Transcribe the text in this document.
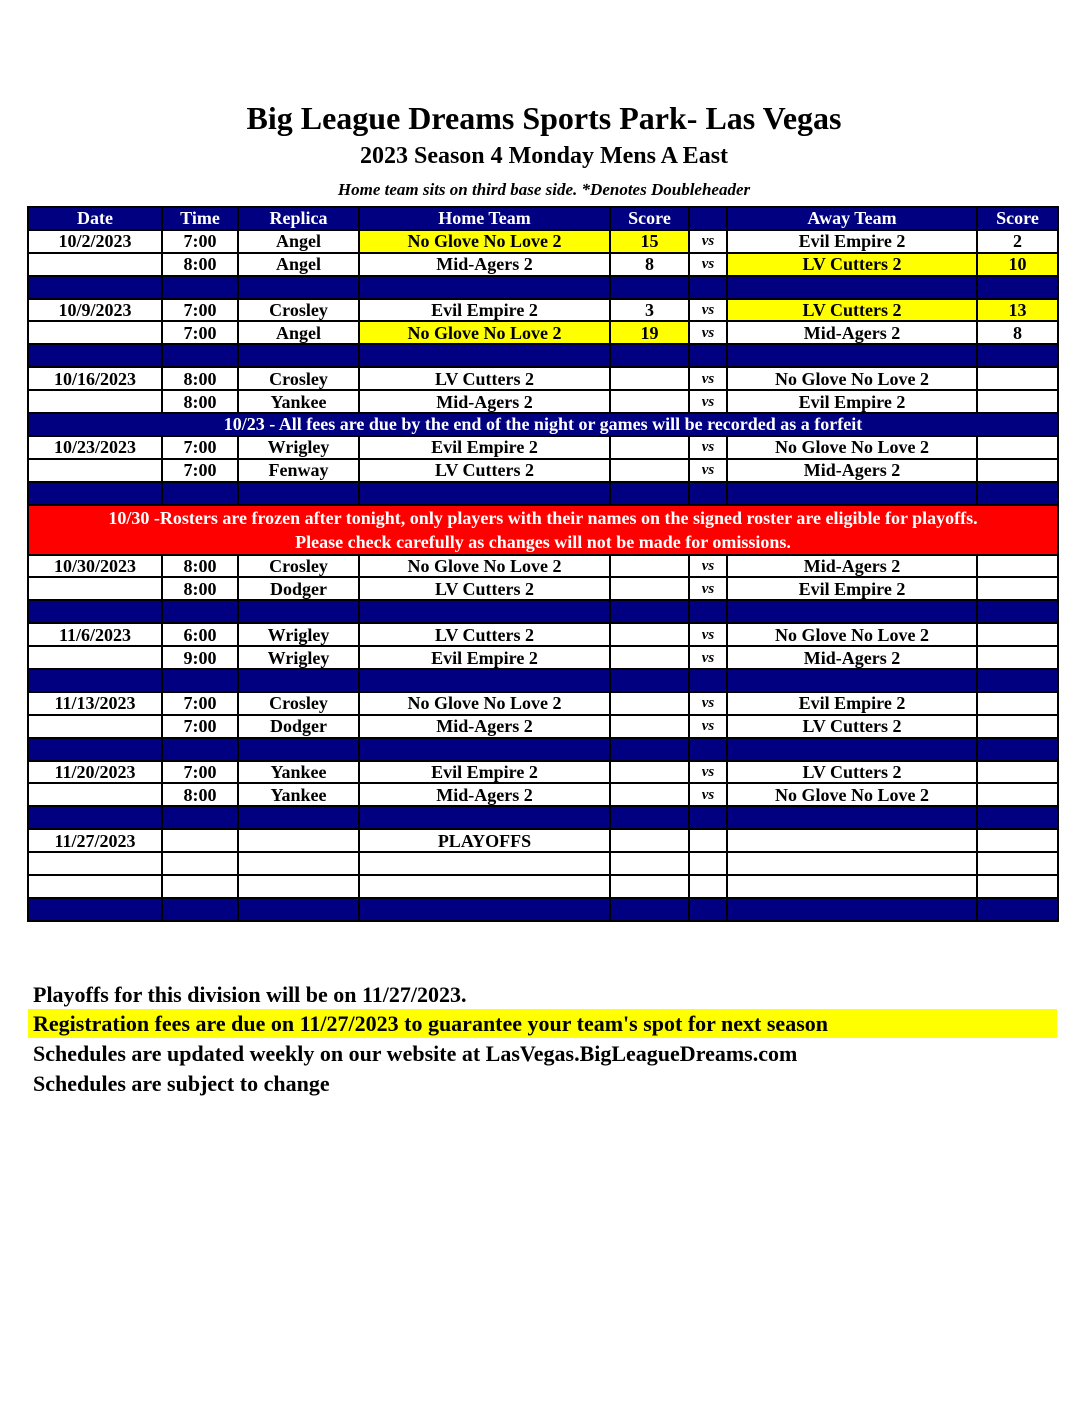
Big League Dreams Sports Park- Las Vegas
2023 Season 4 Monday Mens A East
Home team sits on third base side. *Denotes Doubleheader
Date	Time	Replica	Home Team	Score		Away Team	Score
10/2/2023	7:00	Angel	No Glove No Love 2	15	vs	Evil Empire 2	2
	8:00	Angel	Mid-Agers 2	8	vs	LV Cutters 2	10

10/9/2023	7:00	Crosley	Evil Empire 2	3	vs	LV Cutters 2	13
	7:00	Angel	No Glove No Love 2	19	vs	Mid-Agers 2	8

10/16/2023	8:00	Crosley	LV Cutters 2		vs	No Glove No Love 2	
	8:00	Yankee	Mid-Agers 2		vs	Evil Empire 2	
10/23 - All fees are due by the end of the night or games will be recorded as a forfeit							
10/23/2023	7:00	Wrigley	Evil Empire 2		vs	No Glove No Love 2	
	7:00	Fenway	LV Cutters 2		vs	Mid-Agers 2	

10/30 -Rosters are frozen after tonight, only players with their names on the signed roster are eligible for playoffs.
Please check carefully as changes will not be made for omissions.							

10/30/2023	8:00	Crosley	No Glove No Love 2		vs	Mid-Agers 2	
	8:00	Dodger	LV Cutters 2		vs	Evil Empire 2	

11/6/2023	6:00	Wrigley	LV Cutters 2		vs	No Glove No Love 2	
	9:00	Wrigley	Evil Empire 2		vs	Mid-Agers 2	

11/13/2023	7:00	Crosley	No Glove No Love 2		vs	Evil Empire 2	
	7:00	Dodger	Mid-Agers 2		vs	LV Cutters 2	

11/20/2023	7:00	Yankee	Evil Empire 2		vs	LV Cutters 2	
	8:00	Yankee	Mid-Agers 2		vs	No Glove No Love 2	

11/27/2023			PLAYOFFS				

Playoffs for this division will be on 11/27/2023.
Registration fees are due on 11/27/2023 to guarantee your team's spot for next season
Schedules are updated weekly on our website at LasVegas.BigLeagueDreams.com
Schedules are subject to change
